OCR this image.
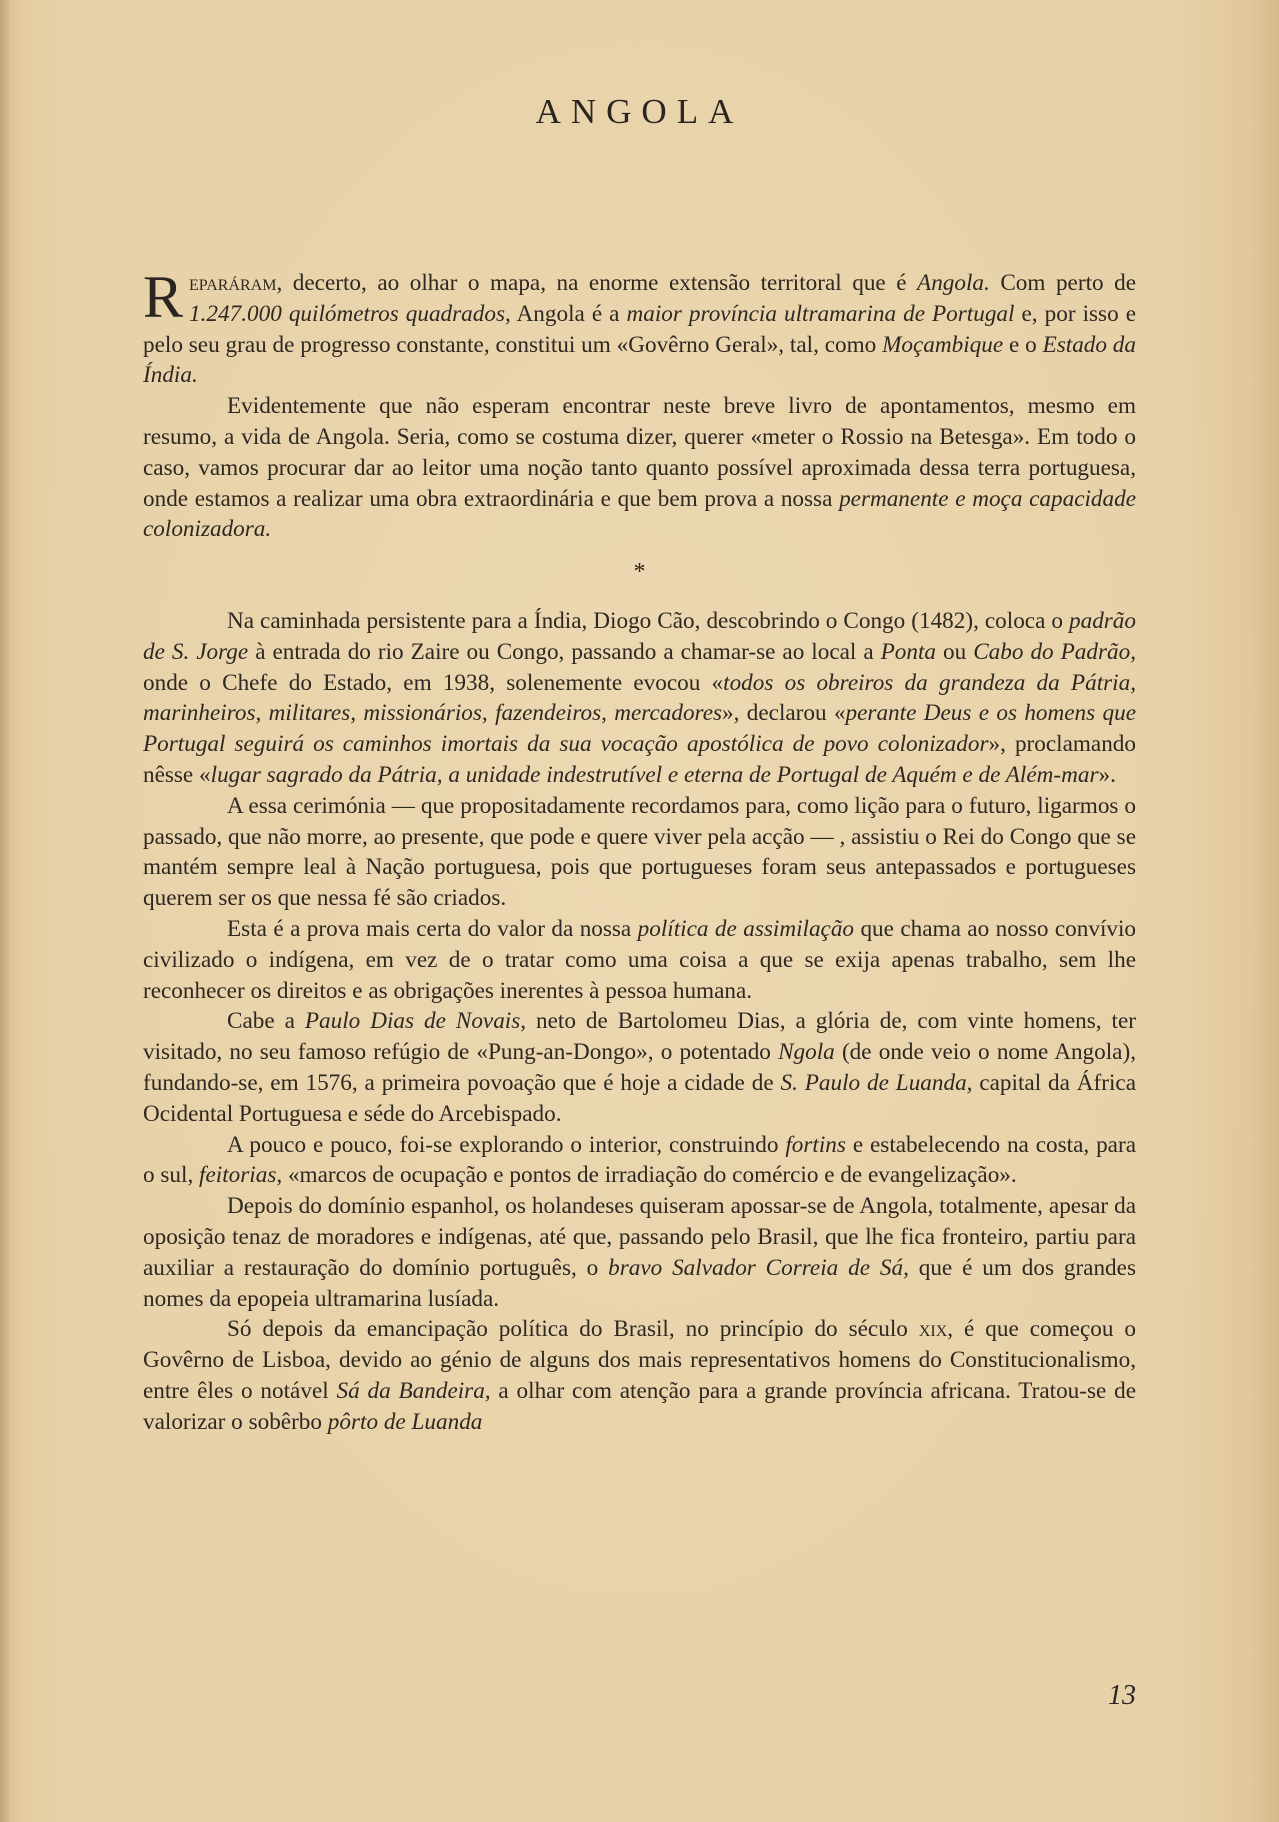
ANGOLA

Reparáram, decerto, ao olhar o mapa, na enorme extensão territoral que é Angola. Com perto de 1.247.000 quilómetros quadrados, Angola é a maior província ultramarina de Portugal e, por isso e pelo seu grau de progresso constante, constitui um «Govêrno Geral», tal, como Moçambique e o Estado da Índia.

Evidentemente que não esperam encontrar neste breve livro de apontamentos, mesmo em resumo, a vida de Angola. Seria, como se costuma dizer, querer «meter o Rossio na Betesga». Em todo o caso, vamos procurar dar ao leitor uma noção tanto quanto possível aproximada dessa terra portuguesa, onde estamos a realizar uma obra extraordinária e que bem prova a nossa permanente e moça capacidade colonizadora.

*

Na caminhada persistente para a Índia, Diogo Cão, descobrindo o Congo (1482), coloca o padrão de S. Jorge à entrada do rio Zaire ou Congo, passando a chamar-se ao local a Ponta ou Cabo do Padrão, onde o Chefe do Estado, em 1938, solenemente evocou «todos os obreiros da grandeza da Pátria, marinheiros, militares, missionários, fazendeiros, mercadores», declarou «perante Deus e os homens que Portugal seguirá os caminhos imortais da sua vocação apostólica de povo colonizador», proclamando nêsse «lugar sagrado da Pátria, a unidade indestrutível e eterna de Portugal de Aquém e de Além-mar».

A essa cerimónia — que propositadamente recordamos para, como lição para o futuro, ligarmos o passado, que não morre, ao presente, que pode e quere viver pela acção — , assistiu o Rei do Congo que se mantém sempre leal à Nação portuguesa, pois que portugueses foram seus antepassados e portugueses querem ser os que nessa fé são criados.

Esta é a prova mais certa do valor da nossa política de assimilação que chama ao nosso convívio civilizado o indígena, em vez de o tratar como uma coisa a que se exija apenas trabalho, sem lhe reconhecer os direitos e as obrigações inerentes à pessoa humana.

Cabe a Paulo Dias de Novais, neto de Bartolomeu Dias, a glória de, com vinte homens, ter visitado, no seu famoso refúgio de «Pung-an-Dongo», o potentado Ngola (de onde veio o nome Angola), fundando-se, em 1576, a primeira povoação que é hoje a cidade de S. Paulo de Luanda, capital da África Ocidental Portuguesa e séde do Arcebispado.

A pouco e pouco, foi-se explorando o interior, construindo fortins e estabelecendo na costa, para o sul, feitorias, «marcos de ocupação e pontos de irradiação do comércio e de evangelização».

Depois do domínio espanhol, os holandeses quiseram apossar-se de Angola, totalmente, apesar da oposição tenaz de moradores e indígenas, até que, passando pelo Brasil, que lhe fica fronteiro, partiu para auxiliar a restauração do domínio português, o bravo Salvador Correia de Sá, que é um dos grandes nomes da epopeia ultramarina lusíada.

Só depois da emancipação política do Brasil, no princípio do século xix, é que começou o Govêrno de Lisboa, devido ao génio de alguns dos mais representativos homens do Constitucionalismo, entre êles o notável Sá da Bandeira, a olhar com atenção para a grande província africana. Tratou-se de valorizar o sobêrbo pôrto de Luanda

13
